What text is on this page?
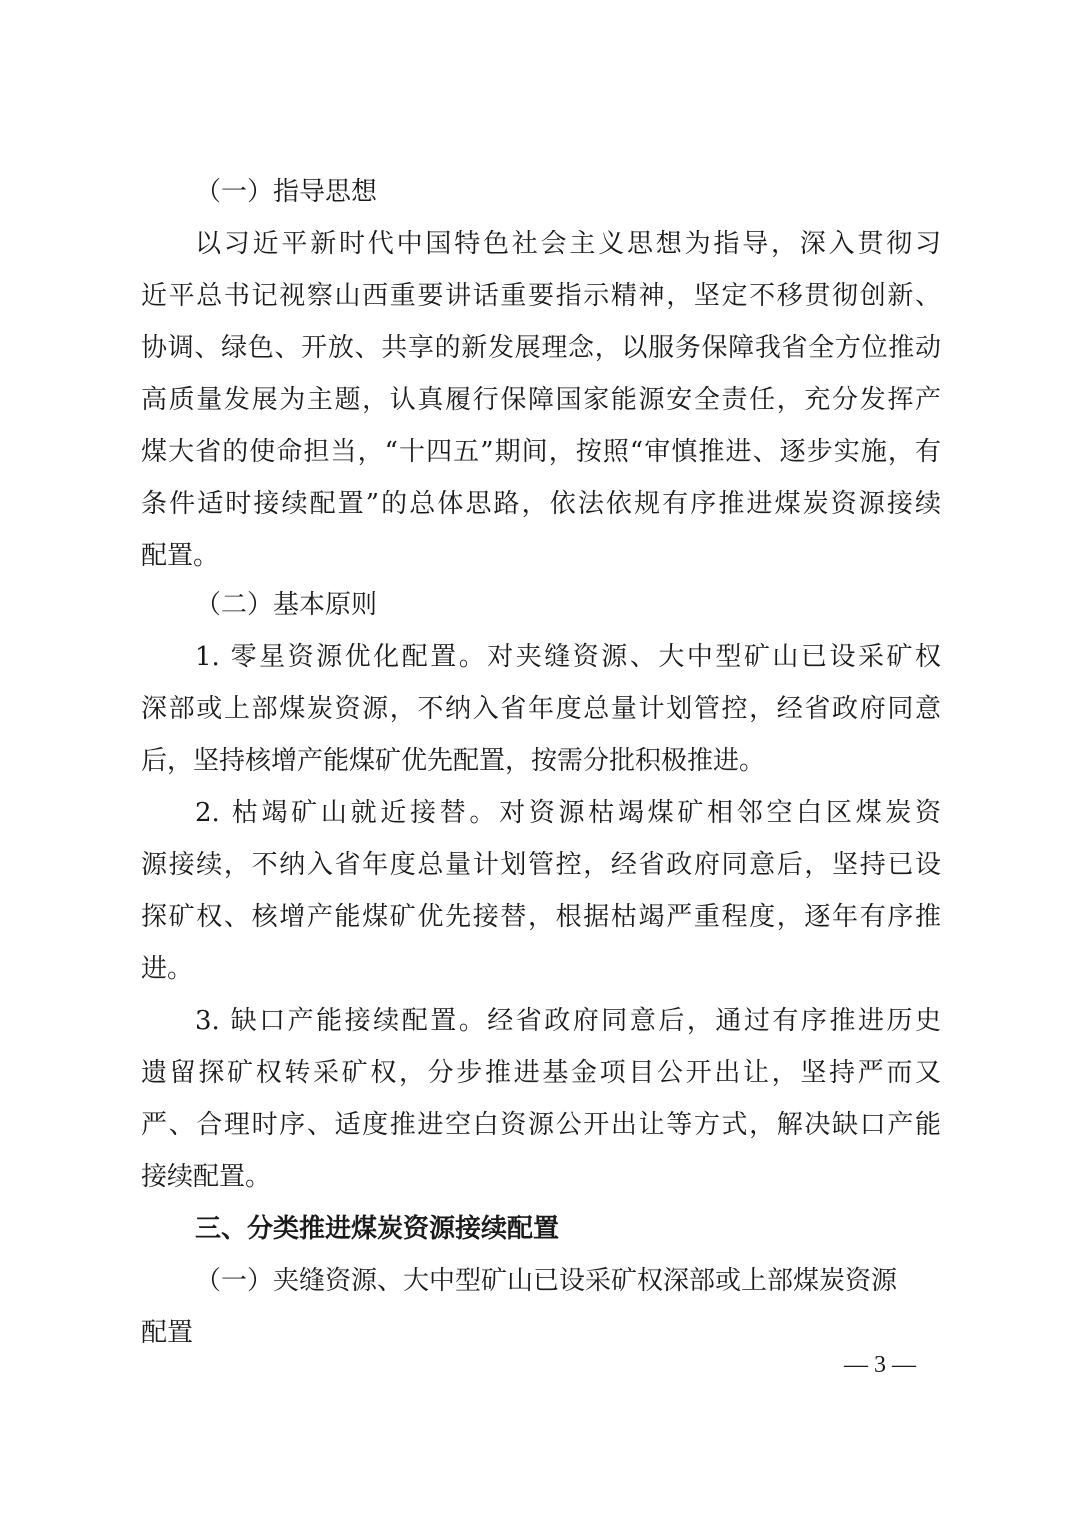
（一）指导思想
以习近平新时代中国特色社会主义思想为指导，深入贯彻习
近平总书记视察山西重要讲话重要指示精神，坚定不移贯彻创新、
协调、绿色、开放、共享的新发展理念，以服务保障我省全方位推动
高质量发展为主题，认真履行保障国家能源安全责任，充分发挥产
煤大省的使命担当，“十四五”期间，按照“审慎推进、逐步实施，有
条件适时接续配置”的总体思路，依法依规有序推进煤炭资源接续
配置。
（二）基本原则
1. 零星资源优化配置。对夹缝资源、大中型矿山已设采矿权
深部或上部煤炭资源，不纳入省年度总量计划管控，经省政府同意
后，坚持核增产能煤矿优先配置，按需分批积极推进。
2. 枯竭矿山就近接替。对资源枯竭煤矿相邻空白区煤炭资
源接续，不纳入省年度总量计划管控，经省政府同意后，坚持已设
探矿权、核增产能煤矿优先接替，根据枯竭严重程度，逐年有序推
进。
3. 缺口产能接续配置。经省政府同意后，通过有序推进历史
遗留探矿权转采矿权，分步推进基金项目公开出让，坚持严而又
严、合理时序、适度推进空白资源公开出让等方式，解决缺口产能
接续配置。
三、分类推进煤炭资源接续配置
（一）夹缝资源、大中型矿山已设采矿权深部或上部煤炭资源
配置
— 3 —
